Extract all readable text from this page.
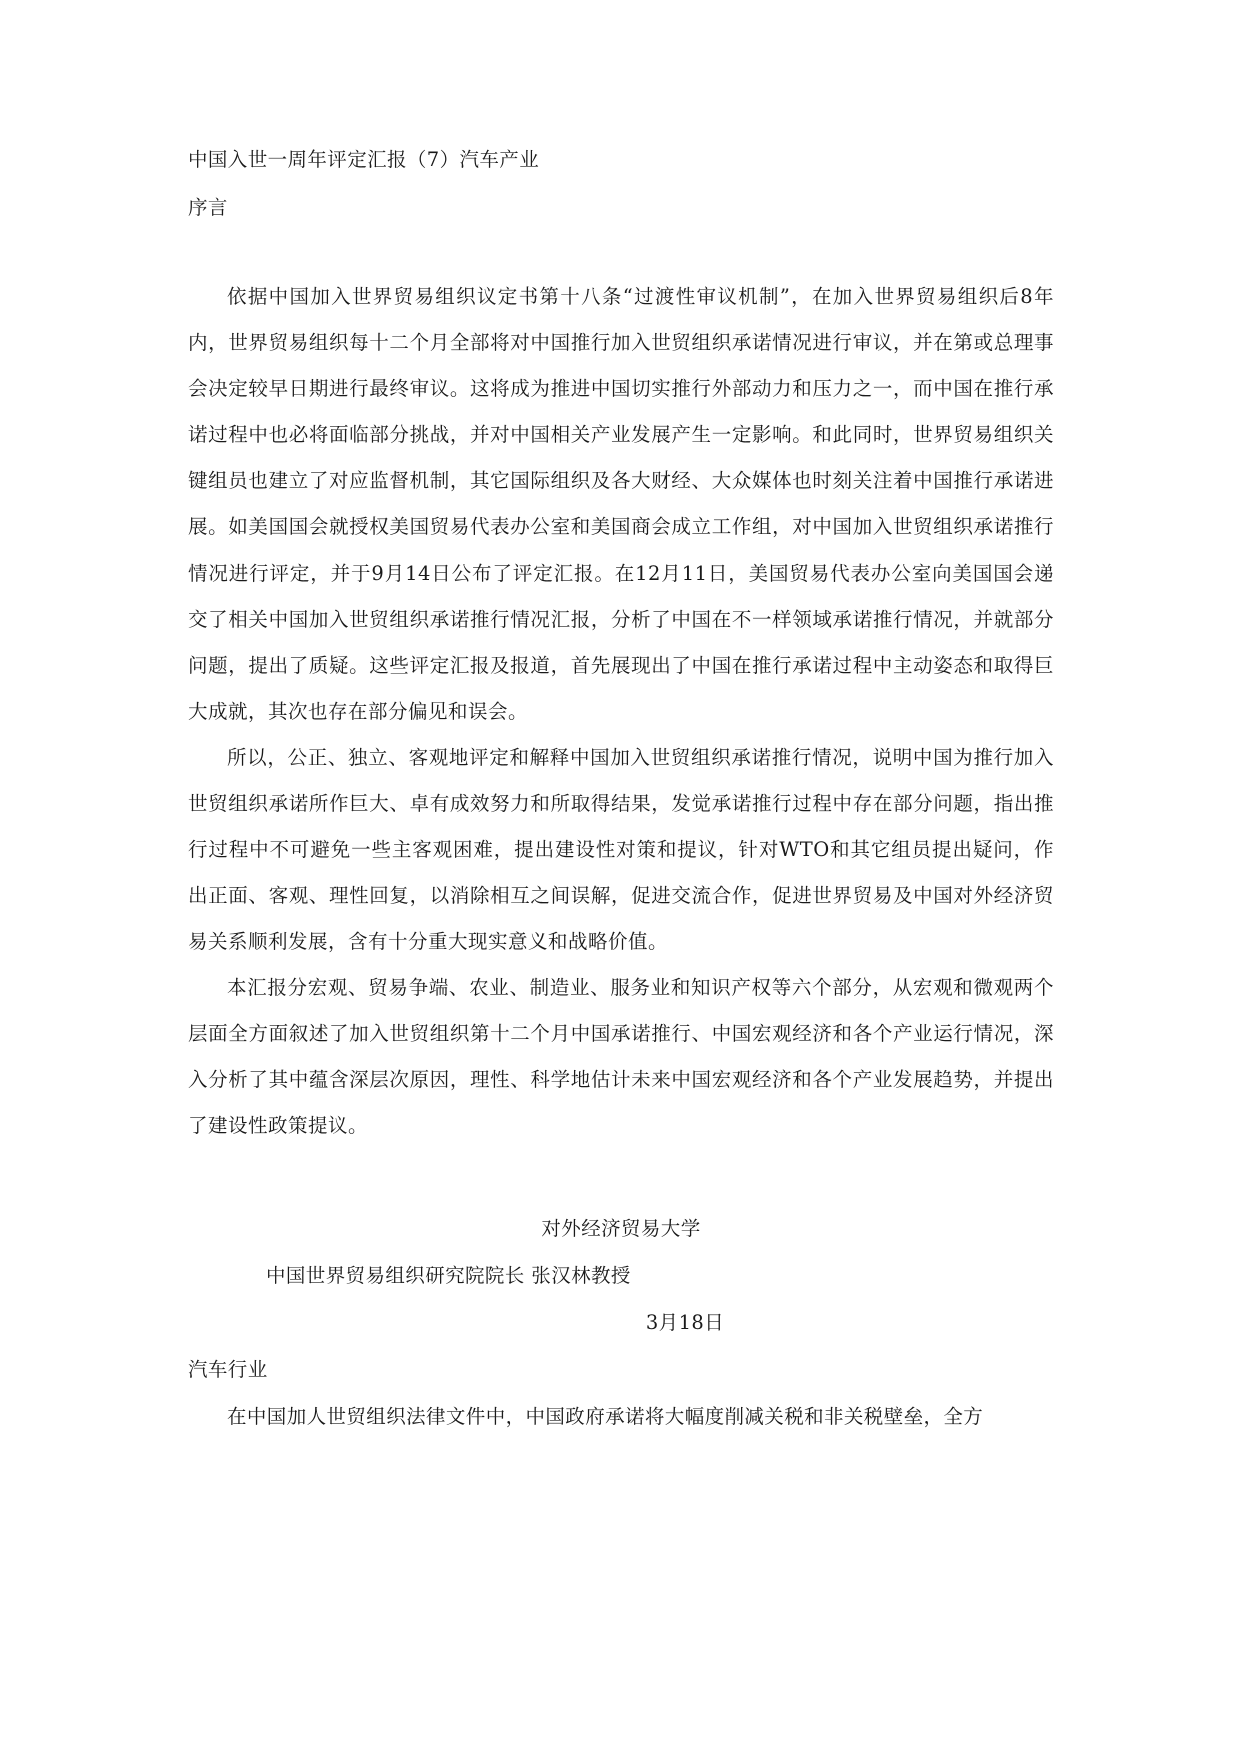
中国入世一周年评定汇报（7）汽车产业
序言

依据中国加入世界贸易组织议定书第十八条“过渡性审议机制”，在加入世界贸易组织后8年内，世界贸易组织每十二个月全部将对中国推行加入世贸组织承诺情况进行审议，并在第或总理事会决定较早日期进行最终审议。这将成为推进中国切实推行外部动力和压力之一，而中国在推行承诺过程中也必将面临部分挑战，并对中国相关产业发展产生一定影响。和此同时，世界贸易组织关键组员也建立了对应监督机制，其它国际组织及各大财经、大众媒体也时刻关注着中国推行承诺进展。如美国国会就授权美国贸易代表办公室和美国商会成立工作组，对中国加入世贸组织承诺推行情况进行评定，并于9月14日公布了评定汇报。在12月11日，美国贸易代表办公室向美国国会递交了相关中国加入世贸组织承诺推行情况汇报，分析了中国在不一样领域承诺推行情况，并就部分问题，提出了质疑。这些评定汇报及报道，首先展现出了中国在推行承诺过程中主动姿态和取得巨大成就，其次也存在部分偏见和误会。

所以，公正、独立、客观地评定和解释中国加入世贸组织承诺推行情况，说明中国为推行加入世贸组织承诺所作巨大、卓有成效努力和所取得结果，发觉承诺推行过程中存在部分问题，指出推行过程中不可避免一些主客观困难，提出建设性对策和提议，针对WTO和其它组员提出疑问，作出正面、客观、理性回复，以消除相互之间误解，促进交流合作，促进世界贸易及中国对外经济贸易关系顺利发展，含有十分重大现实意义和战略价值。

本汇报分宏观、贸易争端、农业、制造业、服务业和知识产权等六个部分，从宏观和微观两个层面全方面叙述了加入世贸组织第十二个月中国承诺推行、中国宏观经济和各个产业运行情况，深入分析了其中蕴含深层次原因，理性、科学地估计未来中国宏观经济和各个产业发展趋势，并提出了建设性政策提议。

对外经济贸易大学
中国世界贸易组织研究院院长 张汉林教授
3月18日
汽车行业
在中国加人世贸组织法律文件中，中国政府承诺将大幅度削减关税和非关税壁垒，全方
